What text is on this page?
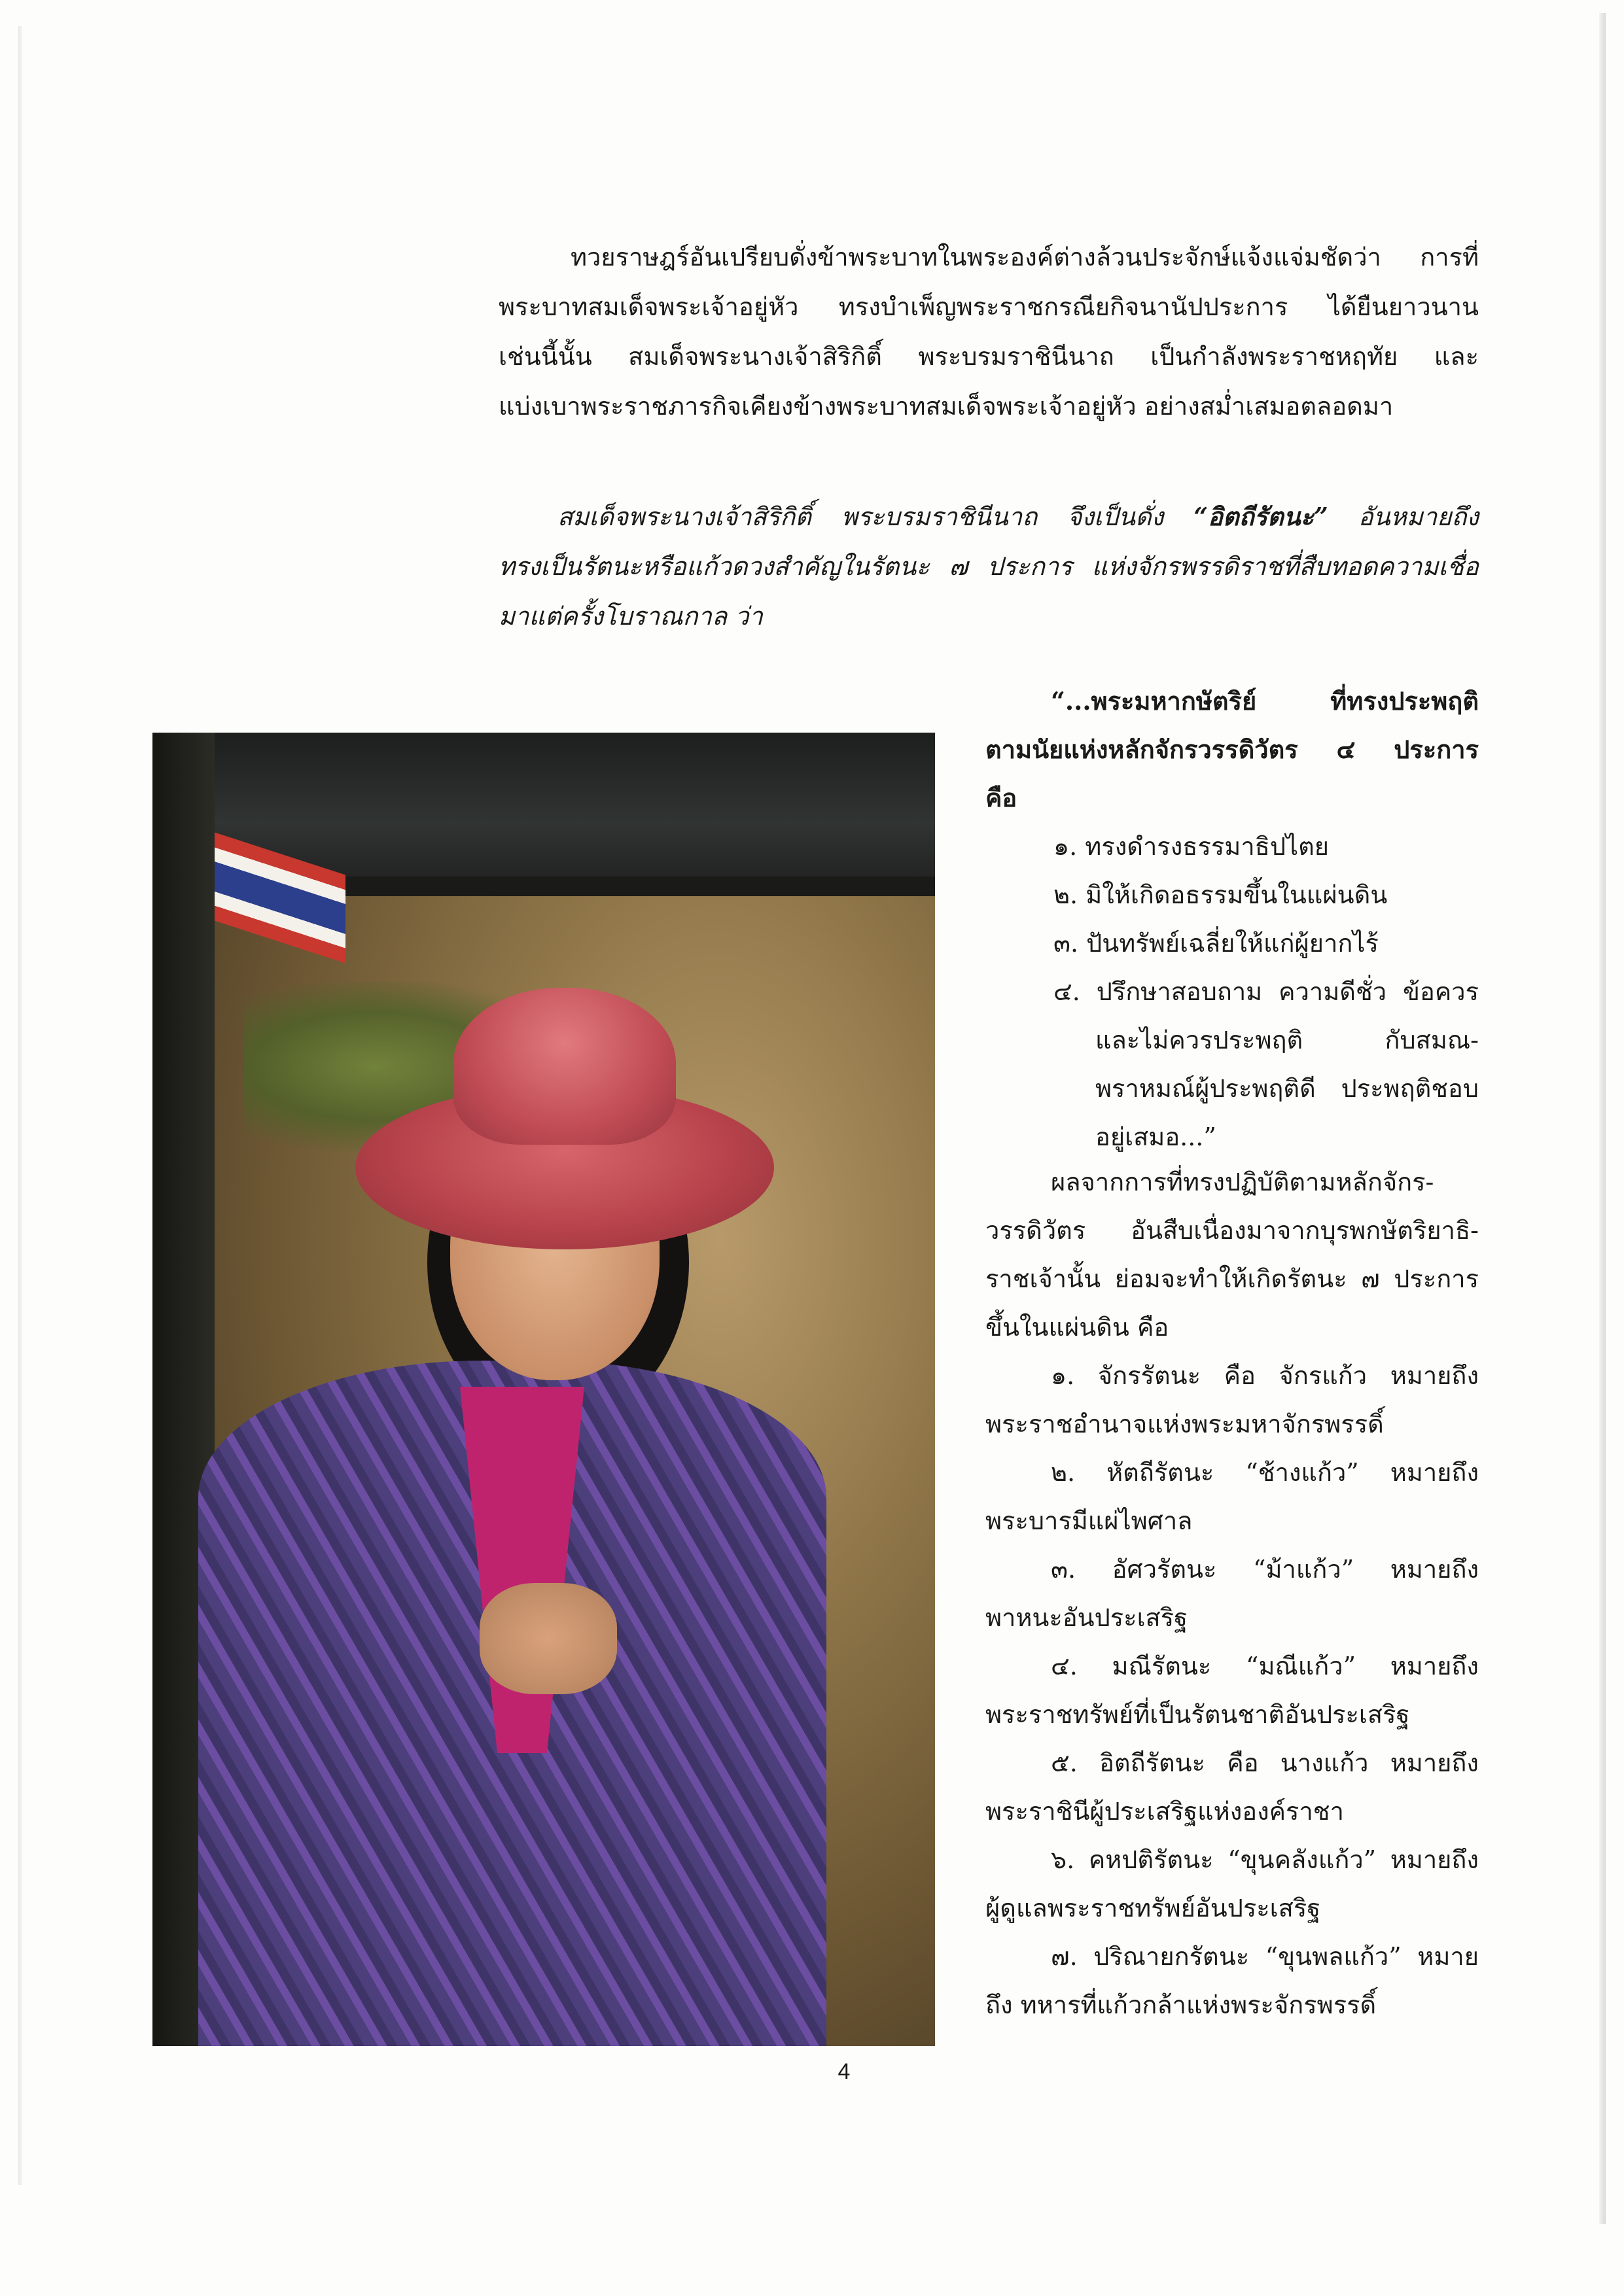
ทวยราษฎร์อันเปรียบดั่งข้าพระบาทในพระองค์ต่างล้วนประจักษ์แจ้งแจ่มชัดว่า การที่
พระบาทสมเด็จพระเจ้าอยู่หัว ทรงบำเพ็ญพระราชกรณียกิจนานัปประการ ได้ยืนยาวนาน
เช่นนี้นั้น สมเด็จพระนางเจ้าสิริกิติ์ พระบรมราชินีนาถ เป็นกำลังพระราชหฤทัย และ
แบ่งเบาพระราชภารกิจเคียงข้างพระบาทสมเด็จพระเจ้าอยู่หัว อย่างสม่ำเสมอตลอดมา
สมเด็จพระนางเจ้าสิริกิติ์ พระบรมราชินีนาถ จึงเป็นดั่ง “อิตถีรัตนะ” อันหมายถึง
ทรงเป็นรัตนะหรือแก้วดวงสำคัญในรัตนะ ๗ ประการ แห่งจักรพรรดิราชที่สืบทอดความเชื่อ
มาแต่ครั้งโบราณกาล ว่า
“...พระมหากษัตริย์ ที่ทรงประพฤติ
ตามนัยแห่งหลักจักรวรรดิวัตร ๔ ประการ
คือ
๑. ทรงดำรงธรรมาธิปไตย
๒. มิให้เกิดอธรรมขึ้นในแผ่นดิน
๓. ปันทรัพย์เฉลี่ยให้แก่ผู้ยากไร้
๔. ปรึกษาสอบถาม ความดีชั่ว ข้อควร
และไม่ควรประพฤติ กับสมณ-
พราหมณ์ผู้ประพฤติดี ประพฤติชอบ
อยู่เสมอ...”
ผลจากการที่ทรงปฏิบัติตามหลักจักร-
วรรดิวัตร อันสืบเนื่องมาจากบุรพกษัตริยาธิ-
ราชเจ้านั้น ย่อมจะทำให้เกิดรัตนะ ๗ ประการ
ขึ้นในแผ่นดิน คือ
๑. จักรรัตนะ คือ จักรแก้ว หมายถึง
พระราชอำนาจแห่งพระมหาจักรพรรดิ์
๒. หัตถีรัตนะ “ช้างแก้ว” หมายถึง
พระบารมีแผ่ไพศาล
๓. อัศวรัตนะ “ม้าแก้ว” หมายถึง
พาหนะอันประเสริฐ
๔. มณีรัตนะ “มณีแก้ว” หมายถึง
พระราชทรัพย์ที่เป็นรัตนชาติอันประเสริฐ
๕. อิตถีรัตนะ คือ นางแก้ว หมายถึง
พระราชินีผู้ประเสริฐแห่งองค์ราชา
๖. คหปติรัตนะ “ขุนคลังแก้ว” หมายถึง
ผู้ดูแลพระราชทรัพย์อันประเสริฐ
๗. ปริณายกรัตนะ “ขุนพลแก้ว” หมาย
ถึง ทหารที่แก้วกล้าแห่งพระจักรพรรดิ์
4
